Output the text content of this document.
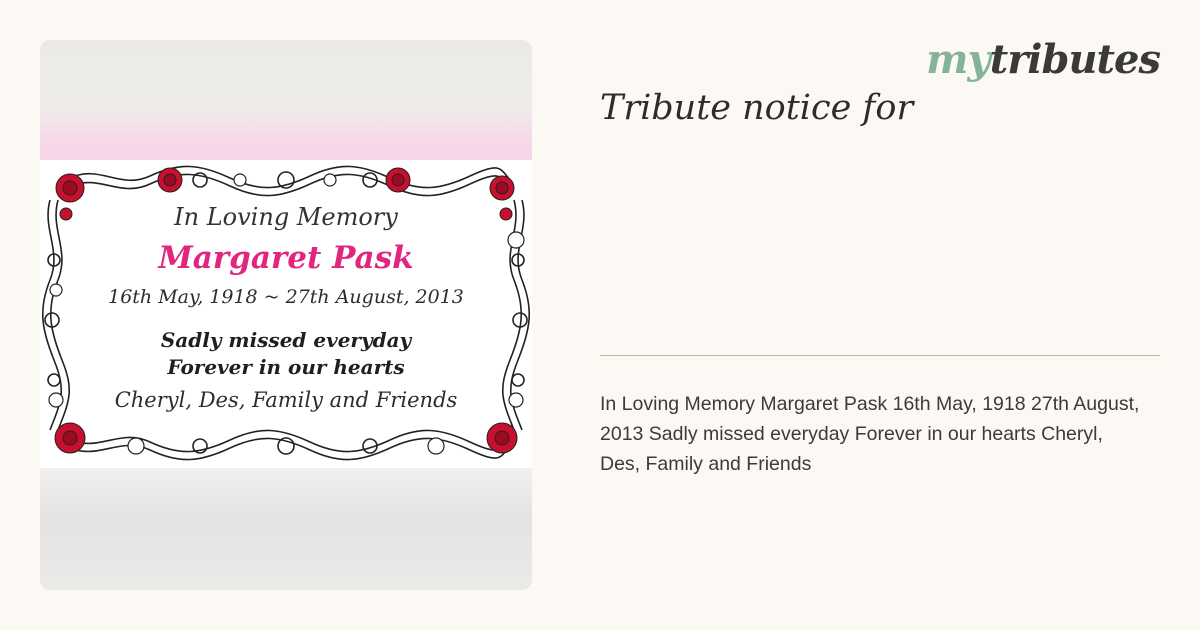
In Loving Memory
Margaret Pask
16th May, 1918 ~ 27th August, 2013
Sadly missed everyday
Forever in our hearts
Cheryl, Des, Family and Friends
mytributes
Tribute notice for

In Loving Memory Margaret Pask 16th May, 1918 27th August, 2013 Sadly missed everyday Forever in our hearts Cheryl, Des, Family and Friends
